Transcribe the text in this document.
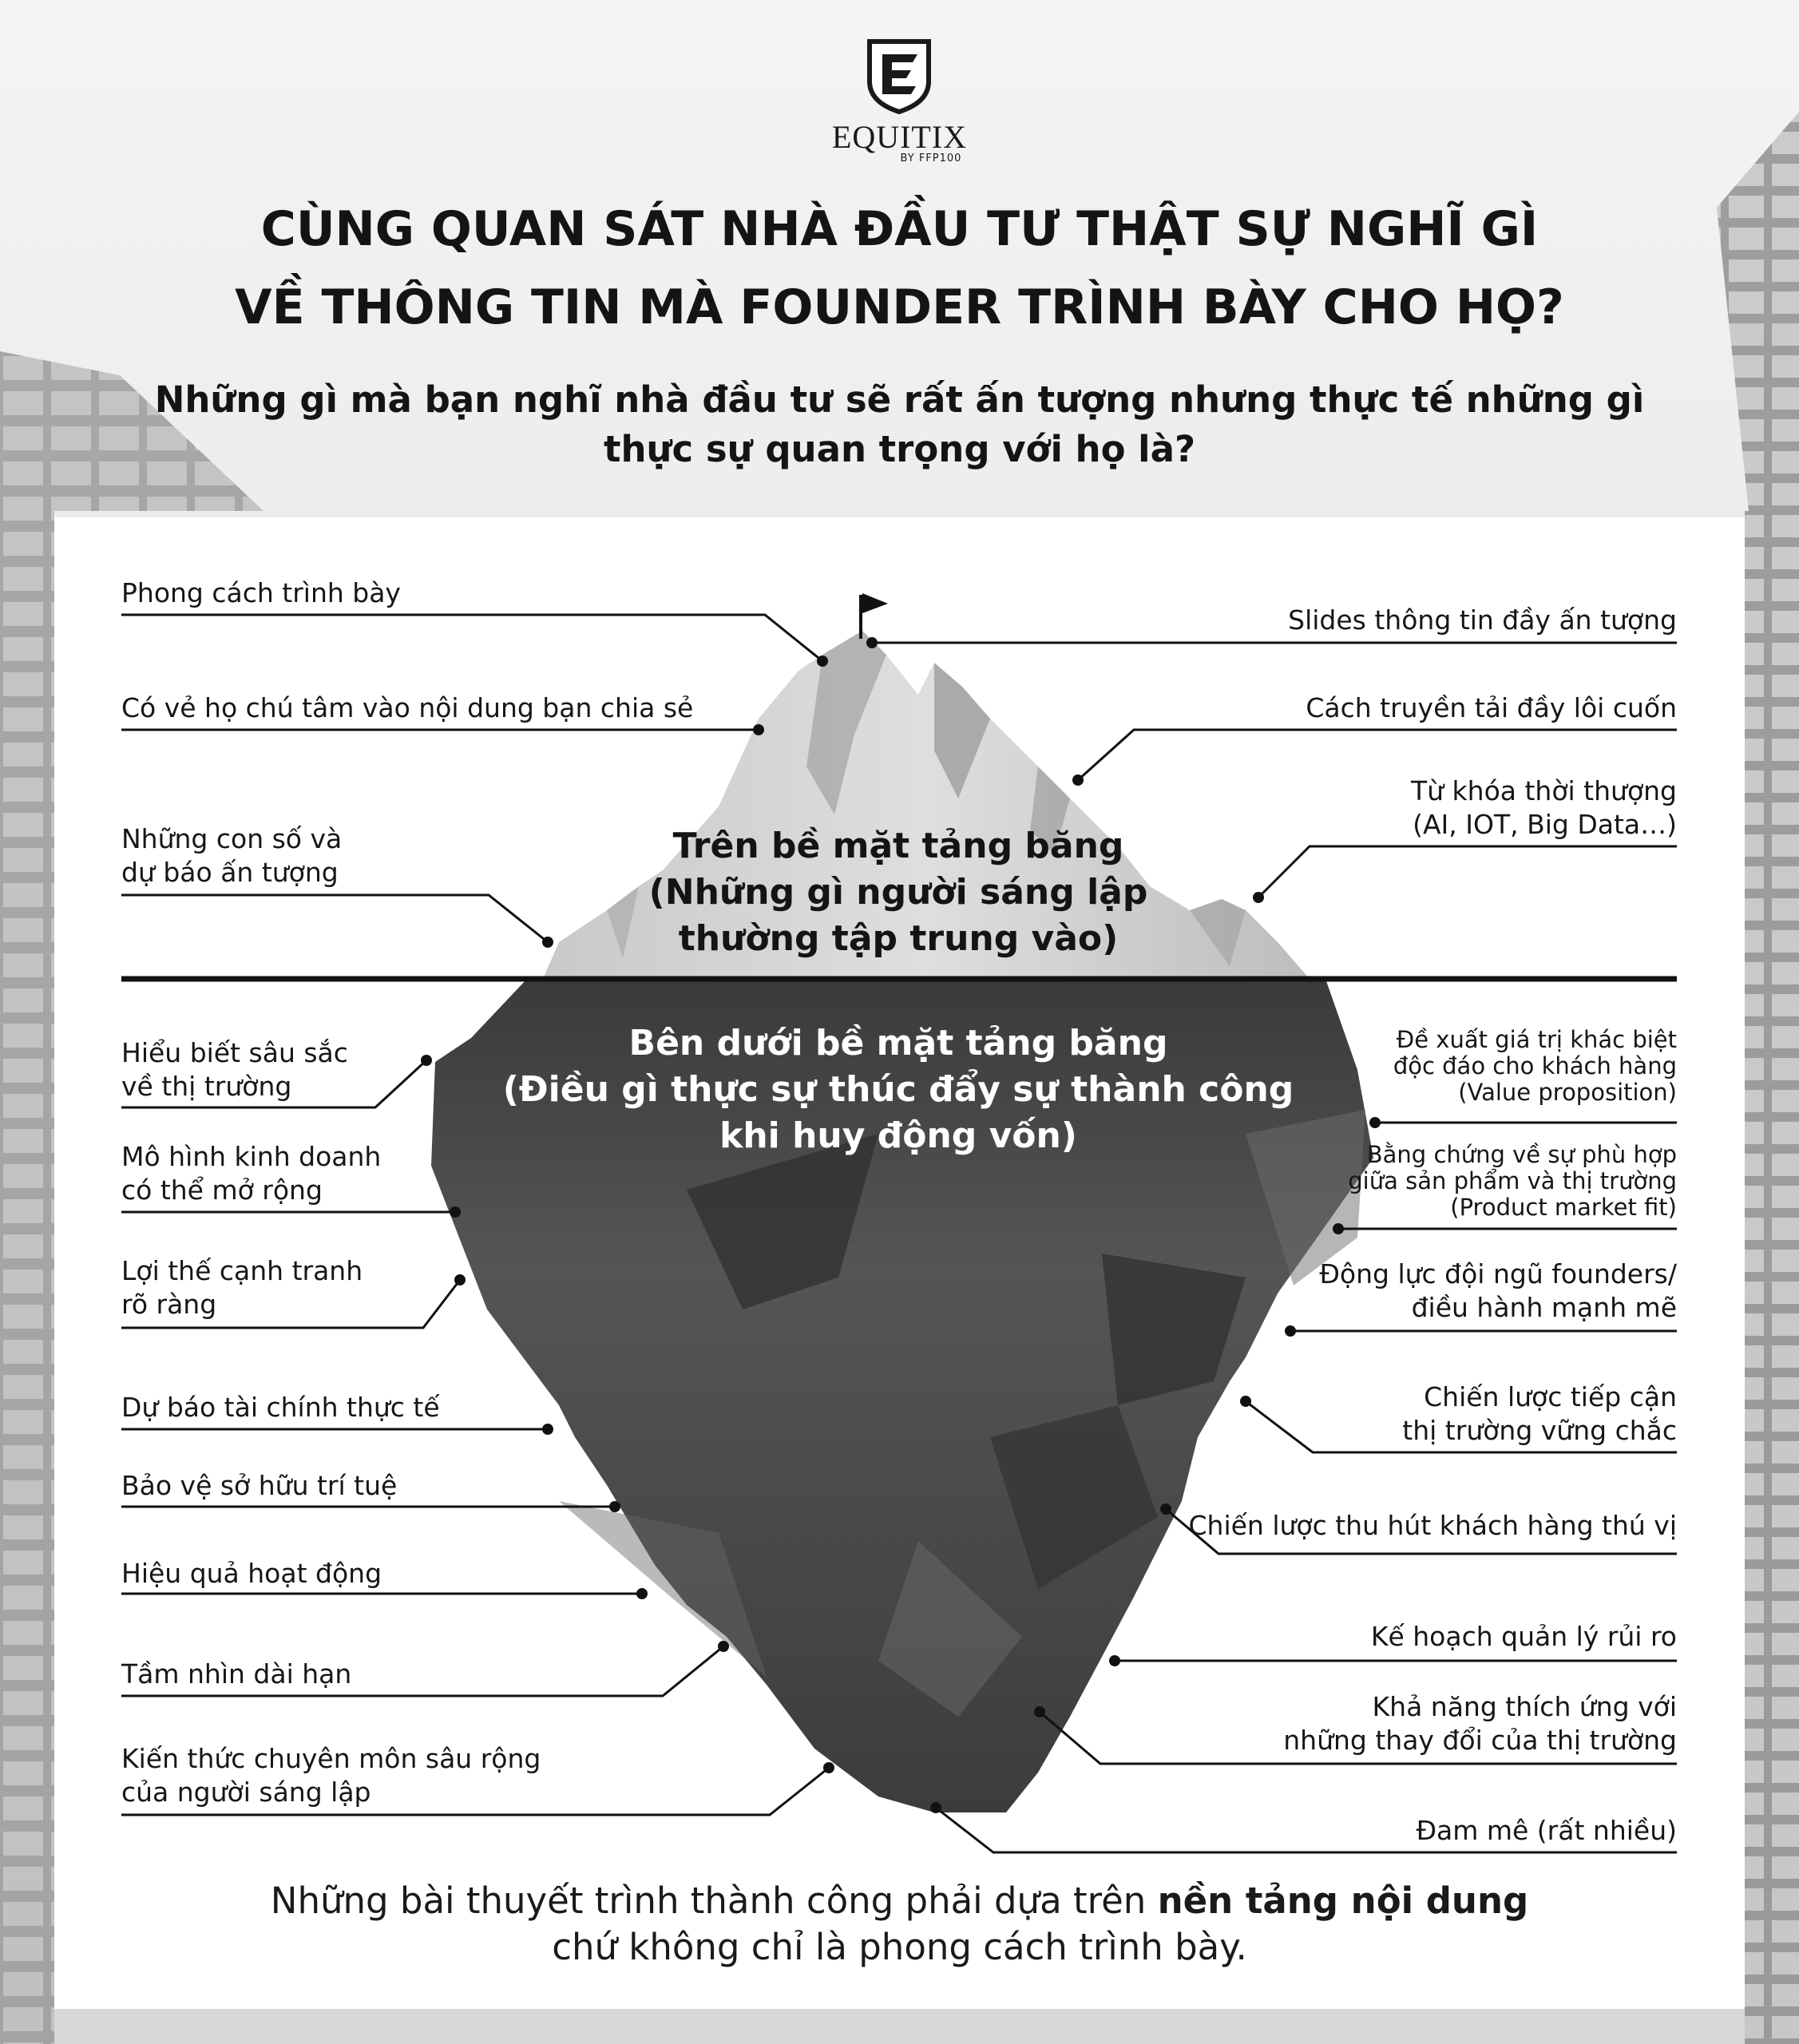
EQUITIX
BY FFP100
CÙNG QUAN SÁT NHÀ ĐẦU TƯ THẬT SỰ NGHĨ GÌ
VỀ THÔNG TIN MÀ FOUNDER TRÌNH BÀY CHO HỌ?
Những gì mà bạn nghĩ nhà đầu tư sẽ rất ấn tượng nhưng thực tế những gì
thực sự quan trọng với họ là?
Phong cách trình bày
Có vẻ họ chú tâm vào nội dung bạn chia sẻ
Những con số và
dự báo ấn tượng
Slides thông tin đầy ấn tượng
Cách truyền tải đầy lôi cuốn
Từ khóa thời thượng
(AI, IOT, Big Data…)
Trên bề mặt tảng băng
(Những gì người sáng lập
thường tập trung vào)
Bên dưới bề mặt tảng băng
(Điều gì thực sự thúc đẩy sự thành công
khi huy động vốn)
Hiểu biết sâu sắc
về thị trường
Mô hình kinh doanh
có thể mở rộng
Lợi thế cạnh tranh
rõ ràng
Dự báo tài chính thực tế
Bảo vệ sở hữu trí tuệ
Hiệu quả hoạt động
Tầm nhìn dài hạn
Kiến thức chuyên môn sâu rộng
của người sáng lập
Đề xuất giá trị khác biệt
độc đáo cho khách hàng
(Value proposition)
Bằng chứng về sự phù hợp
giữa sản phẩm và thị trường
(Product market fit)
Động lực đội ngũ founders/
điều hành mạnh mẽ
Chiến lược tiếp cận
thị trường vững chắc
Chiến lược thu hút khách hàng thú vị
Kế hoạch quản lý rủi ro
Khả năng thích ứng với
những thay đổi của thị trường
Đam mê (rất nhiều)
Những bài thuyết trình thành công phải dựa trên nền tảng nội dung
chứ không chỉ là phong cách trình bày.
